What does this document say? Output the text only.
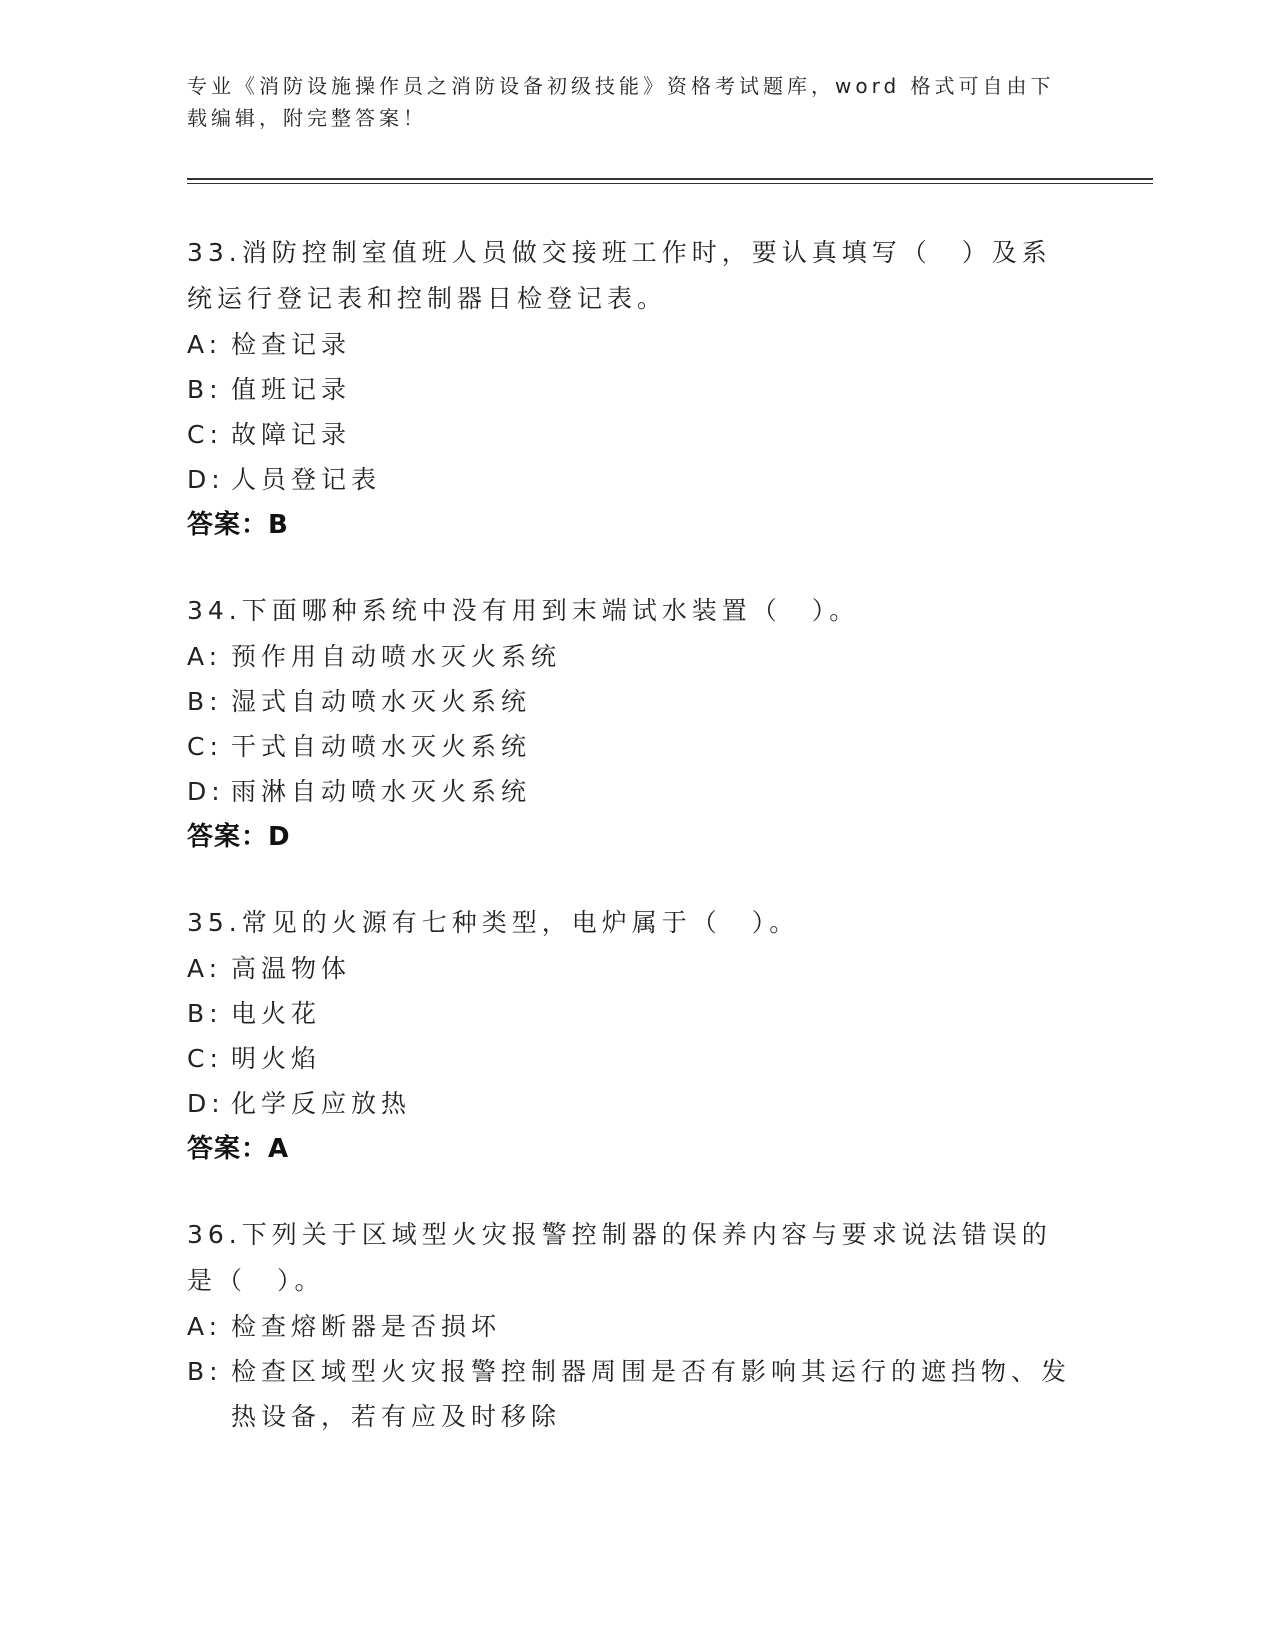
专业《消防设施操作员之消防设备初级技能》资格考试题库，word 格式可自由下载编辑，附完整答案！
33.消防控制室值班人员做交接班工作时，要认真填写（　）及系统运行登记表和控制器日检登记表。
A: 检查记录
B: 值班记录
C: 故障记录
D: 人员登记表
答案：B
34.下面哪种系统中没有用到末端试水装置（　）。
A: 预作用自动喷水灭火系统
B: 湿式自动喷水灭火系统
C: 干式自动喷水灭火系统
D: 雨淋自动喷水灭火系统
答案：D
35.常见的火源有七种类型，电炉属于（　）。
A: 高温物体
B: 电火花
C: 明火焰
D: 化学反应放热
答案：A
36.下列关于区域型火灾报警控制器的保养内容与要求说法错误的是（　）。
A: 检查熔断器是否损坏
B: 检查区域型火灾报警控制器周围是否有影响其运行的遮挡物、发热设备，若有应及时移除
